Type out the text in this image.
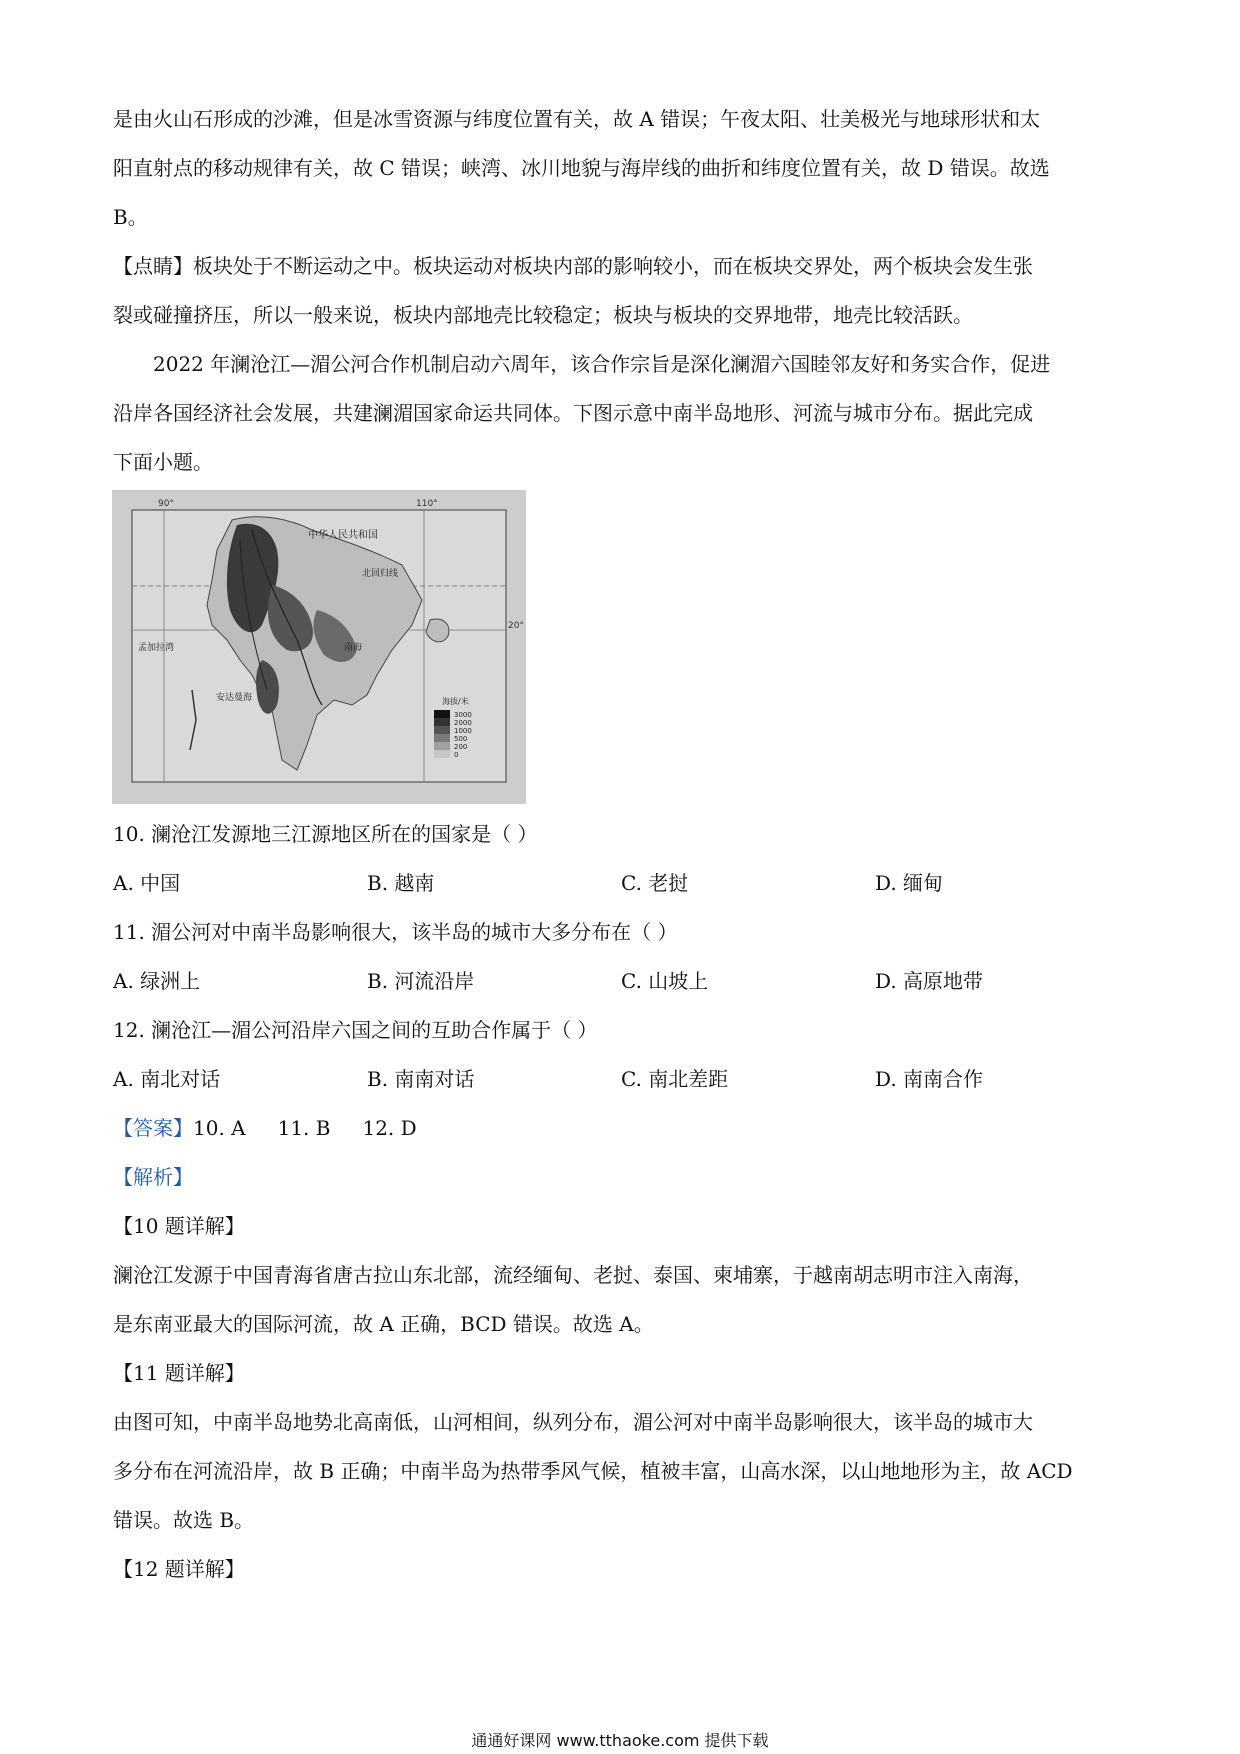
是由火山石形成的沙滩，但是冰雪资源与纬度位置有关，故 A 错误；午夜太阳、壮美极光与地球形状和太
阳直射点的移动规律有关，故 C 错误；峡湾、冰川地貌与海岸线的曲折和纬度位置有关，故 D 错误。故选
B。
【点睛】板块处于不断运动之中。板块运动对板块内部的影响较小，而在板块交界处，两个板块会发生张
裂或碰撞挤压，所以一般来说，板块内部地壳比较稳定；板块与板块的交界地带，地壳比较活跃。
2022 年澜沧江—湄公河合作机制启动六周年，该合作宗旨是深化澜湄六国睦邻友好和务实合作，促进
沿岸各国经济社会发展，共建澜湄国家命运共同体。下图示意中南半岛地形、河流与城市分布。据此完成
下面小题。
90°	110°
20°
中华人民共和国
北回归线
孟加拉湾	南海
安达曼海	海拔/米
3000
2000
1000
500
200
0
10. 澜沧江发源地三江源地区所在的国家是（ ）
A. 中国	B. 越南	C. 老挝	D. 缅甸
11. 湄公河对中南半岛影响很大，该半岛的城市大多分布在（ ）
A. 绿洲上	B. 河流沿岸	C. 山坡上	D. 高原地带
12. 澜沧江—湄公河沿岸六国之间的互助合作属于（ ）
A. 南北对话	B. 南南对话	C. 南北差距	D. 南南合作
【答案】10. A 11. B 12. D
【解析】
【10 题详解】
澜沧江发源于中国青海省唐古拉山东北部，流经缅甸、老挝、泰国、柬埔寨，于越南胡志明市注入南海，
是东南亚最大的国际河流，故 A 正确，BCD 错误。故选 A。
【11 题详解】
由图可知，中南半岛地势北高南低，山河相间，纵列分布，湄公河对中南半岛影响很大，该半岛的城市大
多分布在河流沿岸，故 B 正确；中南半岛为热带季风气候，植被丰富，山高水深，以山地地形为主，故 ACD
错误。故选 B。
【12 题详解】
通通好课网 www.tthaoke.com 提供下载
